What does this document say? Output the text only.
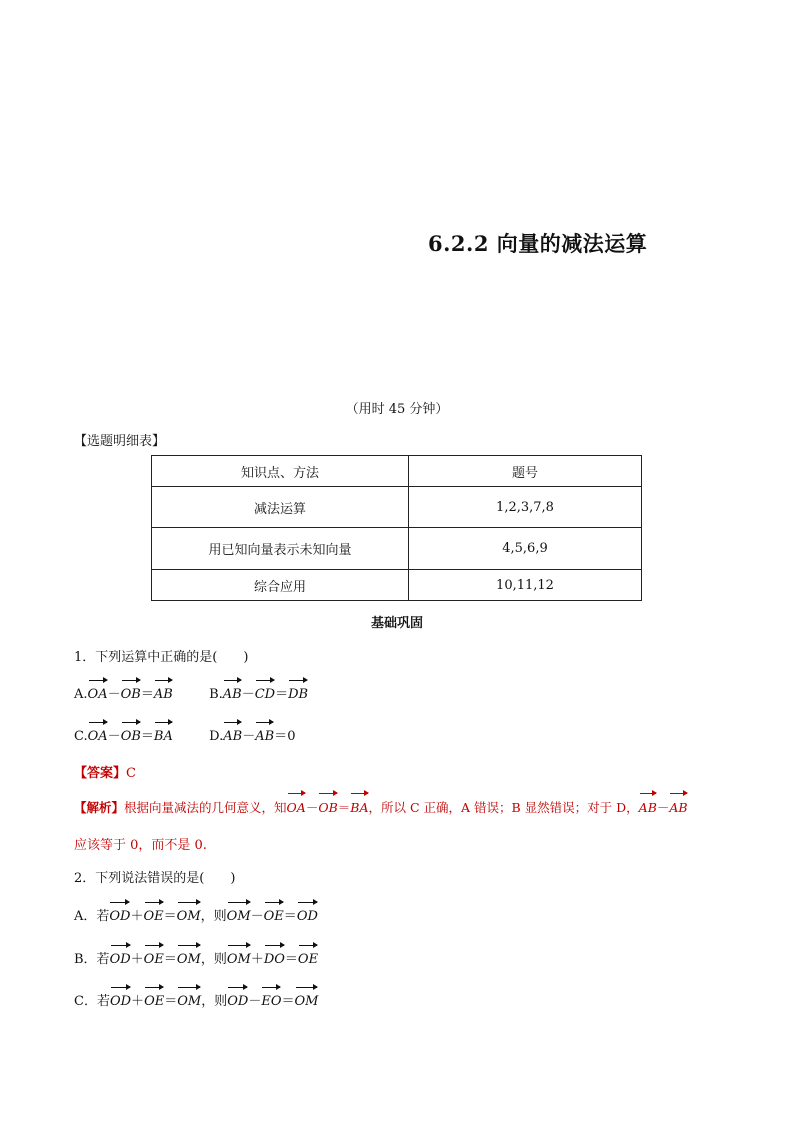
6.2.2 向量的减法运算
（用时 45 分钟）
【选题明细表】
知识点、方法	题号
减法运算	1,2,3,7,8
用已知向量表示未知向量	4,5,6,9
综合应用	10,11,12
基础巩固
1．下列运算中正确的是(　　)
A.OA－OB＝AB	B.AB－CD＝DB
C.OA－OB＝BA	D.AB－AB＝0
【答案】C
【解析】根据向量减法的几何意义，知OA－OB＝BA，所以 C 正确，A 错误；B 显然错误；对于 D，AB－AB
应该等于 0，而不是 0.
2．下列说法错误的是(　　)
A．若OD＋OE＝OM，则OM－OE＝OD
B．若OD＋OE＝OM，则OM＋DO＝OE
C．若OD＋OE＝OM，则OD－EO＝OM
